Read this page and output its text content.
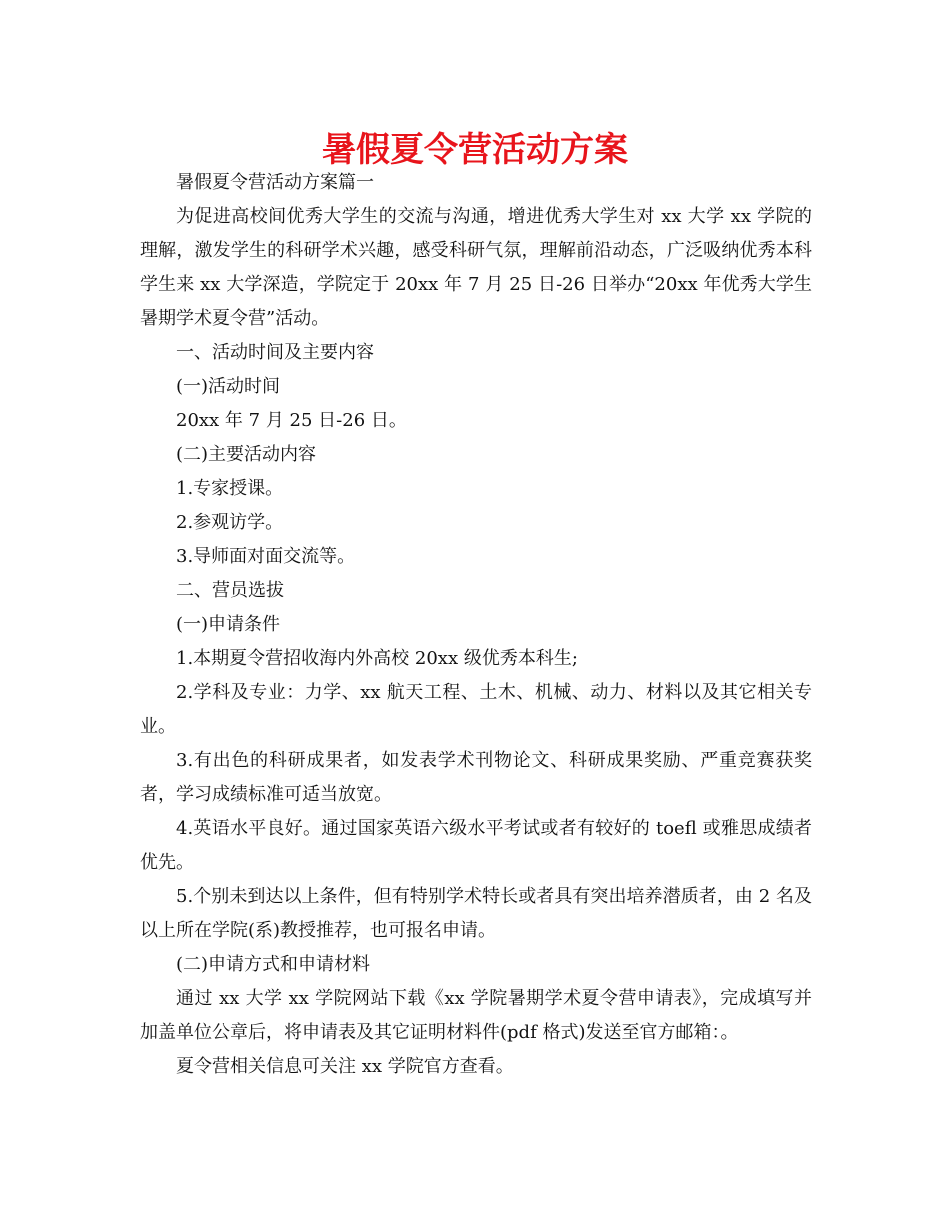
暑假夏令营活动方案

暑假夏令营活动方案篇一

为促进高校间优秀大学生的交流与沟通，增进优秀大学生对 xx 大学 xx 学院的理解，激发学生的科研学术兴趣，感受科研气氛，理解前沿动态，广泛吸纳优秀本科学生来 xx 大学深造，学院定于 20xx 年 7 月 25 日-26 日举办“20xx 年优秀大学生暑期学术夏令营”活动。

一、活动时间及主要内容

(一)活动时间

20xx 年 7 月 25 日-26 日。

(二)主要活动内容

1.专家授课。

2.参观访学。

3.导师面对面交流等。

二、营员选拔

(一)申请条件

1.本期夏令营招收海内外高校 20xx 级优秀本科生;

2.学科及专业：力学、xx 航天工程、土木、机械、动力、材料以及其它相关专业。

3.有出色的科研成果者，如发表学术刊物论文、科研成果奖励、严重竞赛获奖者，学习成绩标准可适当放宽。

4.英语水平良好。通过国家英语六级水平考试或者有较好的 toefl 或雅思成绩者优先。

5.个别未到达以上条件，但有特别学术特长或者具有突出培养潜质者，由 2 名及以上所在学院(系)教授推荐，也可报名申请。

(二)申请方式和申请材料

通过 xx 大学 xx 学院网站下载《xx 学院暑期学术夏令营申请表》，完成填写并加盖单位公章后，将申请表及其它证明材料件(pdf 格式)发送至官方邮箱：。

夏令营相关信息可关注 xx 学院官方查看。
